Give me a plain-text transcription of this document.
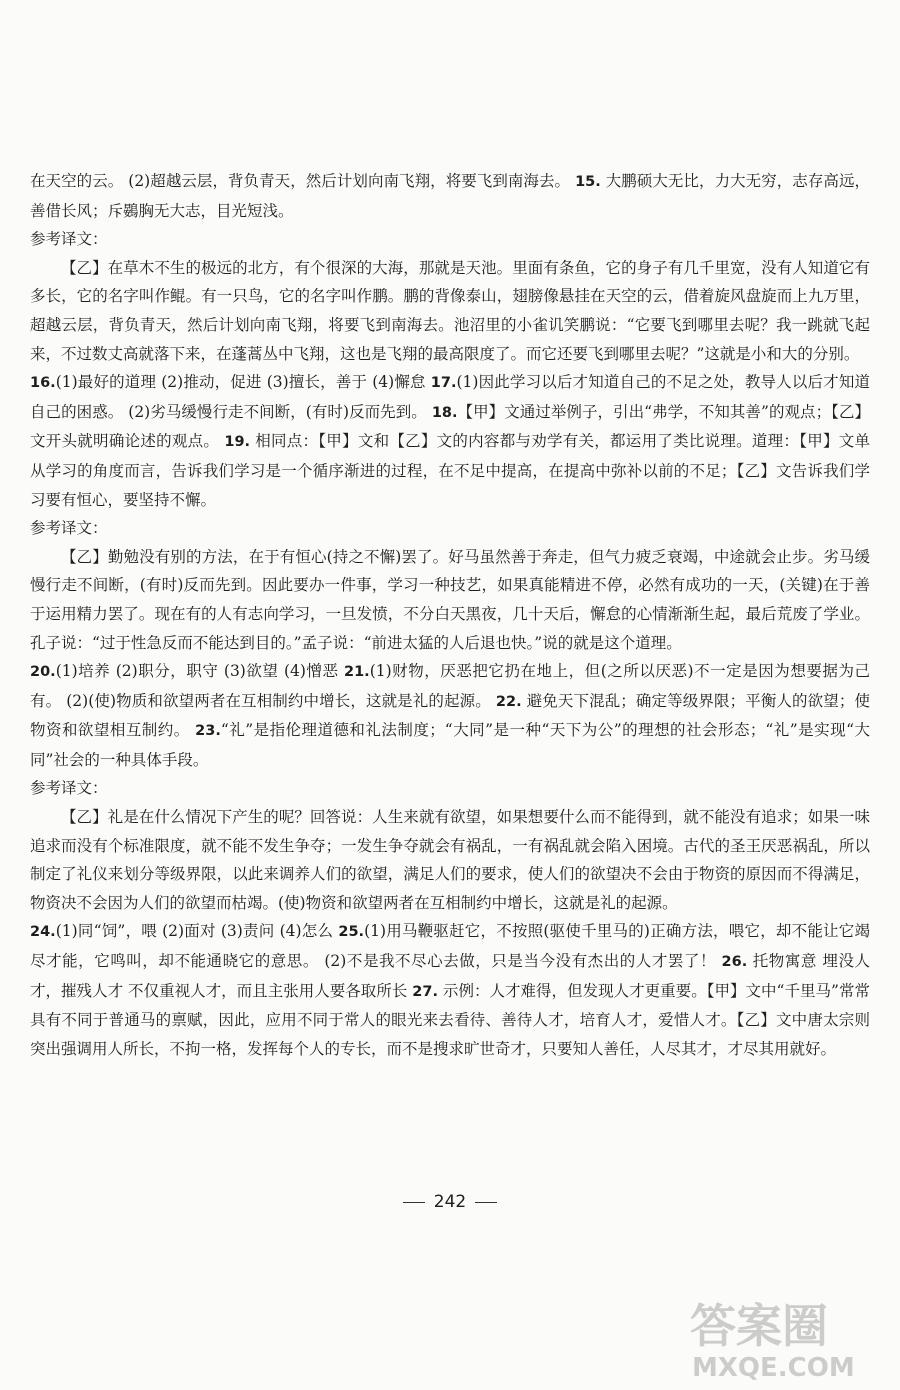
在天空的云。 (2)超越云层，背负青天，然后计划向南飞翔，将要飞到南海去。 15. 大鹏硕大无比，力大无穷，志存高远，善借长风；斥鷃胸无大志，目光短浅。

参考译文：

【乙】在草木不生的极远的北方，有个很深的大海，那就是天池。里面有条鱼，它的身子有几千里宽，没有人知道它有多长，它的名字叫作鲲。有一只鸟，它的名字叫作鹏。鹏的背像泰山，翅膀像悬挂在天空的云，借着旋风盘旋而上九万里，超越云层，背负青天，然后计划向南飞翔，将要飞到南海去。池沼里的小雀讥笑鹏说：“它要飞到哪里去呢？我一跳就飞起来，不过数丈高就落下来，在蓬蒿丛中飞翔，这也是飞翔的最高限度了。而它还要飞到哪里去呢？”这就是小和大的分别。

16.(1)最好的道理 (2)推动，促进 (3)擅长，善于 (4)懈怠 17.(1)因此学习以后才知道自己的不足之处，教导人以后才知道自己的困惑。 (2)劣马缓慢行走不间断，(有时)反而先到。 18.【甲】文通过举例子，引出“弗学，不知其善”的观点；【乙】文开头就明确论述的观点。 19. 相同点：【甲】文和【乙】文的内容都与劝学有关，都运用了类比说理。道理：【甲】文单从学习的角度而言，告诉我们学习是一个循序渐进的过程，在不足中提高，在提高中弥补以前的不足；【乙】文告诉我们学习要有恒心，要坚持不懈。

参考译文：

【乙】勤勉没有别的方法，在于有恒心(持之不懈)罢了。好马虽然善于奔走，但气力疲乏衰竭，中途就会止步。劣马缓慢行走不间断，(有时)反而先到。因此要办一件事，学习一种技艺，如果真能精进不停，必然有成功的一天，(关键)在于善于运用精力罢了。现在有的人有志向学习，一旦发愤，不分白天黑夜，几十天后，懈怠的心情渐渐生起，最后荒废了学业。孔子说：“过于性急反而不能达到目的。”孟子说：“前进太猛的人后退也快。”说的就是这个道理。

20.(1)培养 (2)职分，职守 (3)欲望 (4)憎恶 21.(1)财物，厌恶把它扔在地上，但(之所以厌恶)不一定是因为想要据为己有。 (2)(使)物质和欲望两者在互相制约中增长，这就是礼的起源。 22. 避免天下混乱；确定等级界限；平衡人的欲望；使物资和欲望相互制约。 23.“礼”是指伦理道德和礼法制度；“大同”是一种“天下为公”的理想的社会形态；“礼”是实现“大同”社会的一种具体手段。

参考译文：

【乙】礼是在什么情况下产生的呢？回答说：人生来就有欲望，如果想要什么而不能得到，就不能没有追求；如果一味追求而没有个标准限度，就不能不发生争夺；一发生争夺就会有祸乱，一有祸乱就会陷入困境。古代的圣王厌恶祸乱，所以制定了礼仪来划分等级界限，以此来调养人们的欲望，满足人们的要求，使人们的欲望决不会由于物资的原因而不得满足，物资决不会因为人们的欲望而枯竭。(使)物资和欲望两者在互相制约中增长，这就是礼的起源。

24.(1)同“饲”，喂 (2)面对 (3)责问 (4)怎么 25.(1)用马鞭驱赶它，不按照(驱使千里马的)正确方法，喂它，却不能让它竭尽才能，它鸣叫，却不能通晓它的意思。 (2)不是我不尽心去做，只是当今没有杰出的人才罢了！ 26. 托物寓意 埋没人才，摧残人才 不仅重视人才，而且主张用人要各取所长 27. 示例：人才难得，但发现人才更重要。【甲】文中“千里马”常常具有不同于普通马的禀赋，因此，应用不同于常人的眼光来去看待、善待人才，培育人才，爱惜人才。【乙】文中唐太宗则突出强调用人所长，不拘一格，发挥每个人的专长，而不是搜求旷世奇才，只要知人善任，人尽其才，才尽其用就好。

242
答案圈
MXQE.COM
